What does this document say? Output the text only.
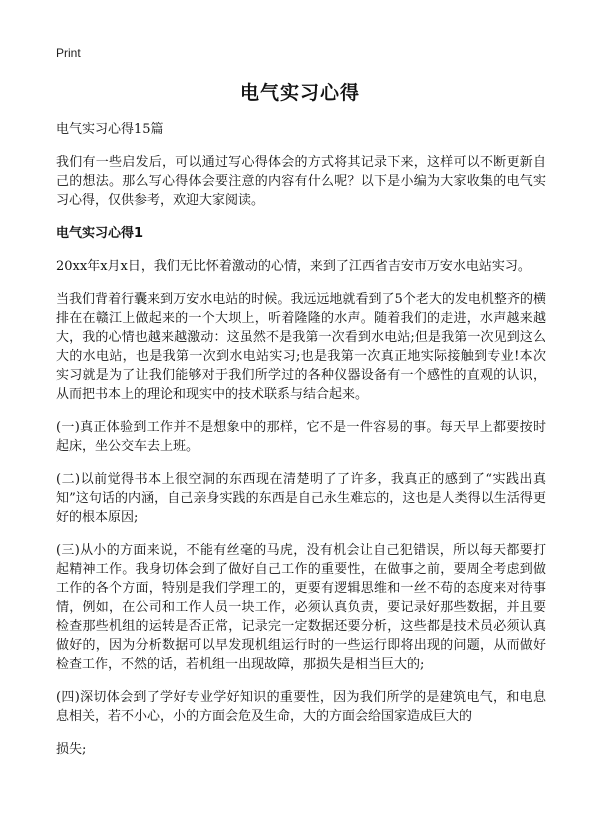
Print
电气实习心得

电气实习心得15篇

我们有一些启发后，可以通过写心得体会的方式将其记录下来，这样可以不断更新自己的想法。那么写心得体会要注意的内容有什么呢？以下是小编为大家收集的电气实习心得，仅供参考，欢迎大家阅读。

电气实习心得1

20xx年x月x日，我们无比怀着激动的心情，来到了江西省吉安市万安水电站实习。

当我们背着行囊来到万安水电站的时候。我远远地就看到了5个老大的发电机整齐的横排在在赣江上做起来的一个大坝上，听着隆隆的水声。随着我们的走进，水声越来越大，我的心情也越来越激动：这虽然不是我第一次看到水电站;但是我第一次见到这么大的水电站，也是我第一次到水电站实习;也是我第一次真正地实际接触到专业!本次实习就是为了让我们能够对于我们所学过的各种仪器设备有一个感性的直观的认识，从而把书本上的理论和现实中的技术联系与结合起来。

(一)真正体验到工作并不是想象中的那样，它不是一件容易的事。每天早上都要按时起床，坐公交车去上班。

(二)以前觉得书本上很空洞的东西现在清楚明了了许多，我真正的感到了“实践出真知”这句话的内涵，自己亲身实践的东西是自己永生难忘的，这也是人类得以生活得更好的根本原因;

(三)从小的方面来说，不能有丝毫的马虎，没有机会让自己犯错误，所以每天都要打起精神工作。我身切体会到了做好自己工作的重要性，在做事之前，要周全考虑到做工作的各个方面，特别是我们学理工的，更要有逻辑思维和一丝不苟的态度来对待事情，例如，在公司和工作人员一块工作，必须认真负责，要记录好那些数据，并且要检查那些机组的运转是否正常，记录完一定数据还要分析，这些都是技术员必须认真做好的，因为分析数据可以早发现机组运行时的一些运行即将出现的问题，从而做好检查工作，不然的话，若机组一出现故障，那损失是相当巨大的;

(四)深切体会到了学好专业学好知识的重要性，因为我们所学的是建筑电气，和电息息相关，若不小心，小的方面会危及生命，大的方面会给国家造成巨大的

损失;
